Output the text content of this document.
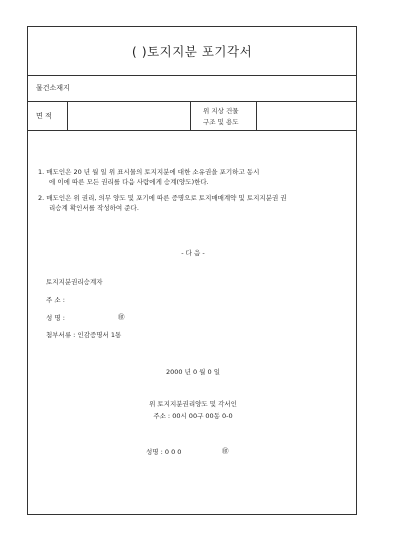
( )토지지분 포기각서
물건소재지
면 적
위 지상 건물
구조 및 용도
1. 매도인은 20 년 월 일 위 표시물의 토지지분에 대한 소유권을 포기하고 동시
에 이에 따른 모든 권리를 다음 사람에게 승계(양도)한다.
2. 매도인은 위 권리, 의무 양도 및 포기에 따른 증명으로 토지매매계약 및 토지지분권 권
리승계 확인서를 작성하여 준다.
- 다 음 -
토지지분권리승계자
주 소 :
성 명 :	㊞
첨부서류 : 인감증명서 1통
2000 년 0 월 0 일
위 토지지분권리양도 및 각서인
주소 : 00시 00구 00동 0-0
성명 : 0 0 0	㊞
